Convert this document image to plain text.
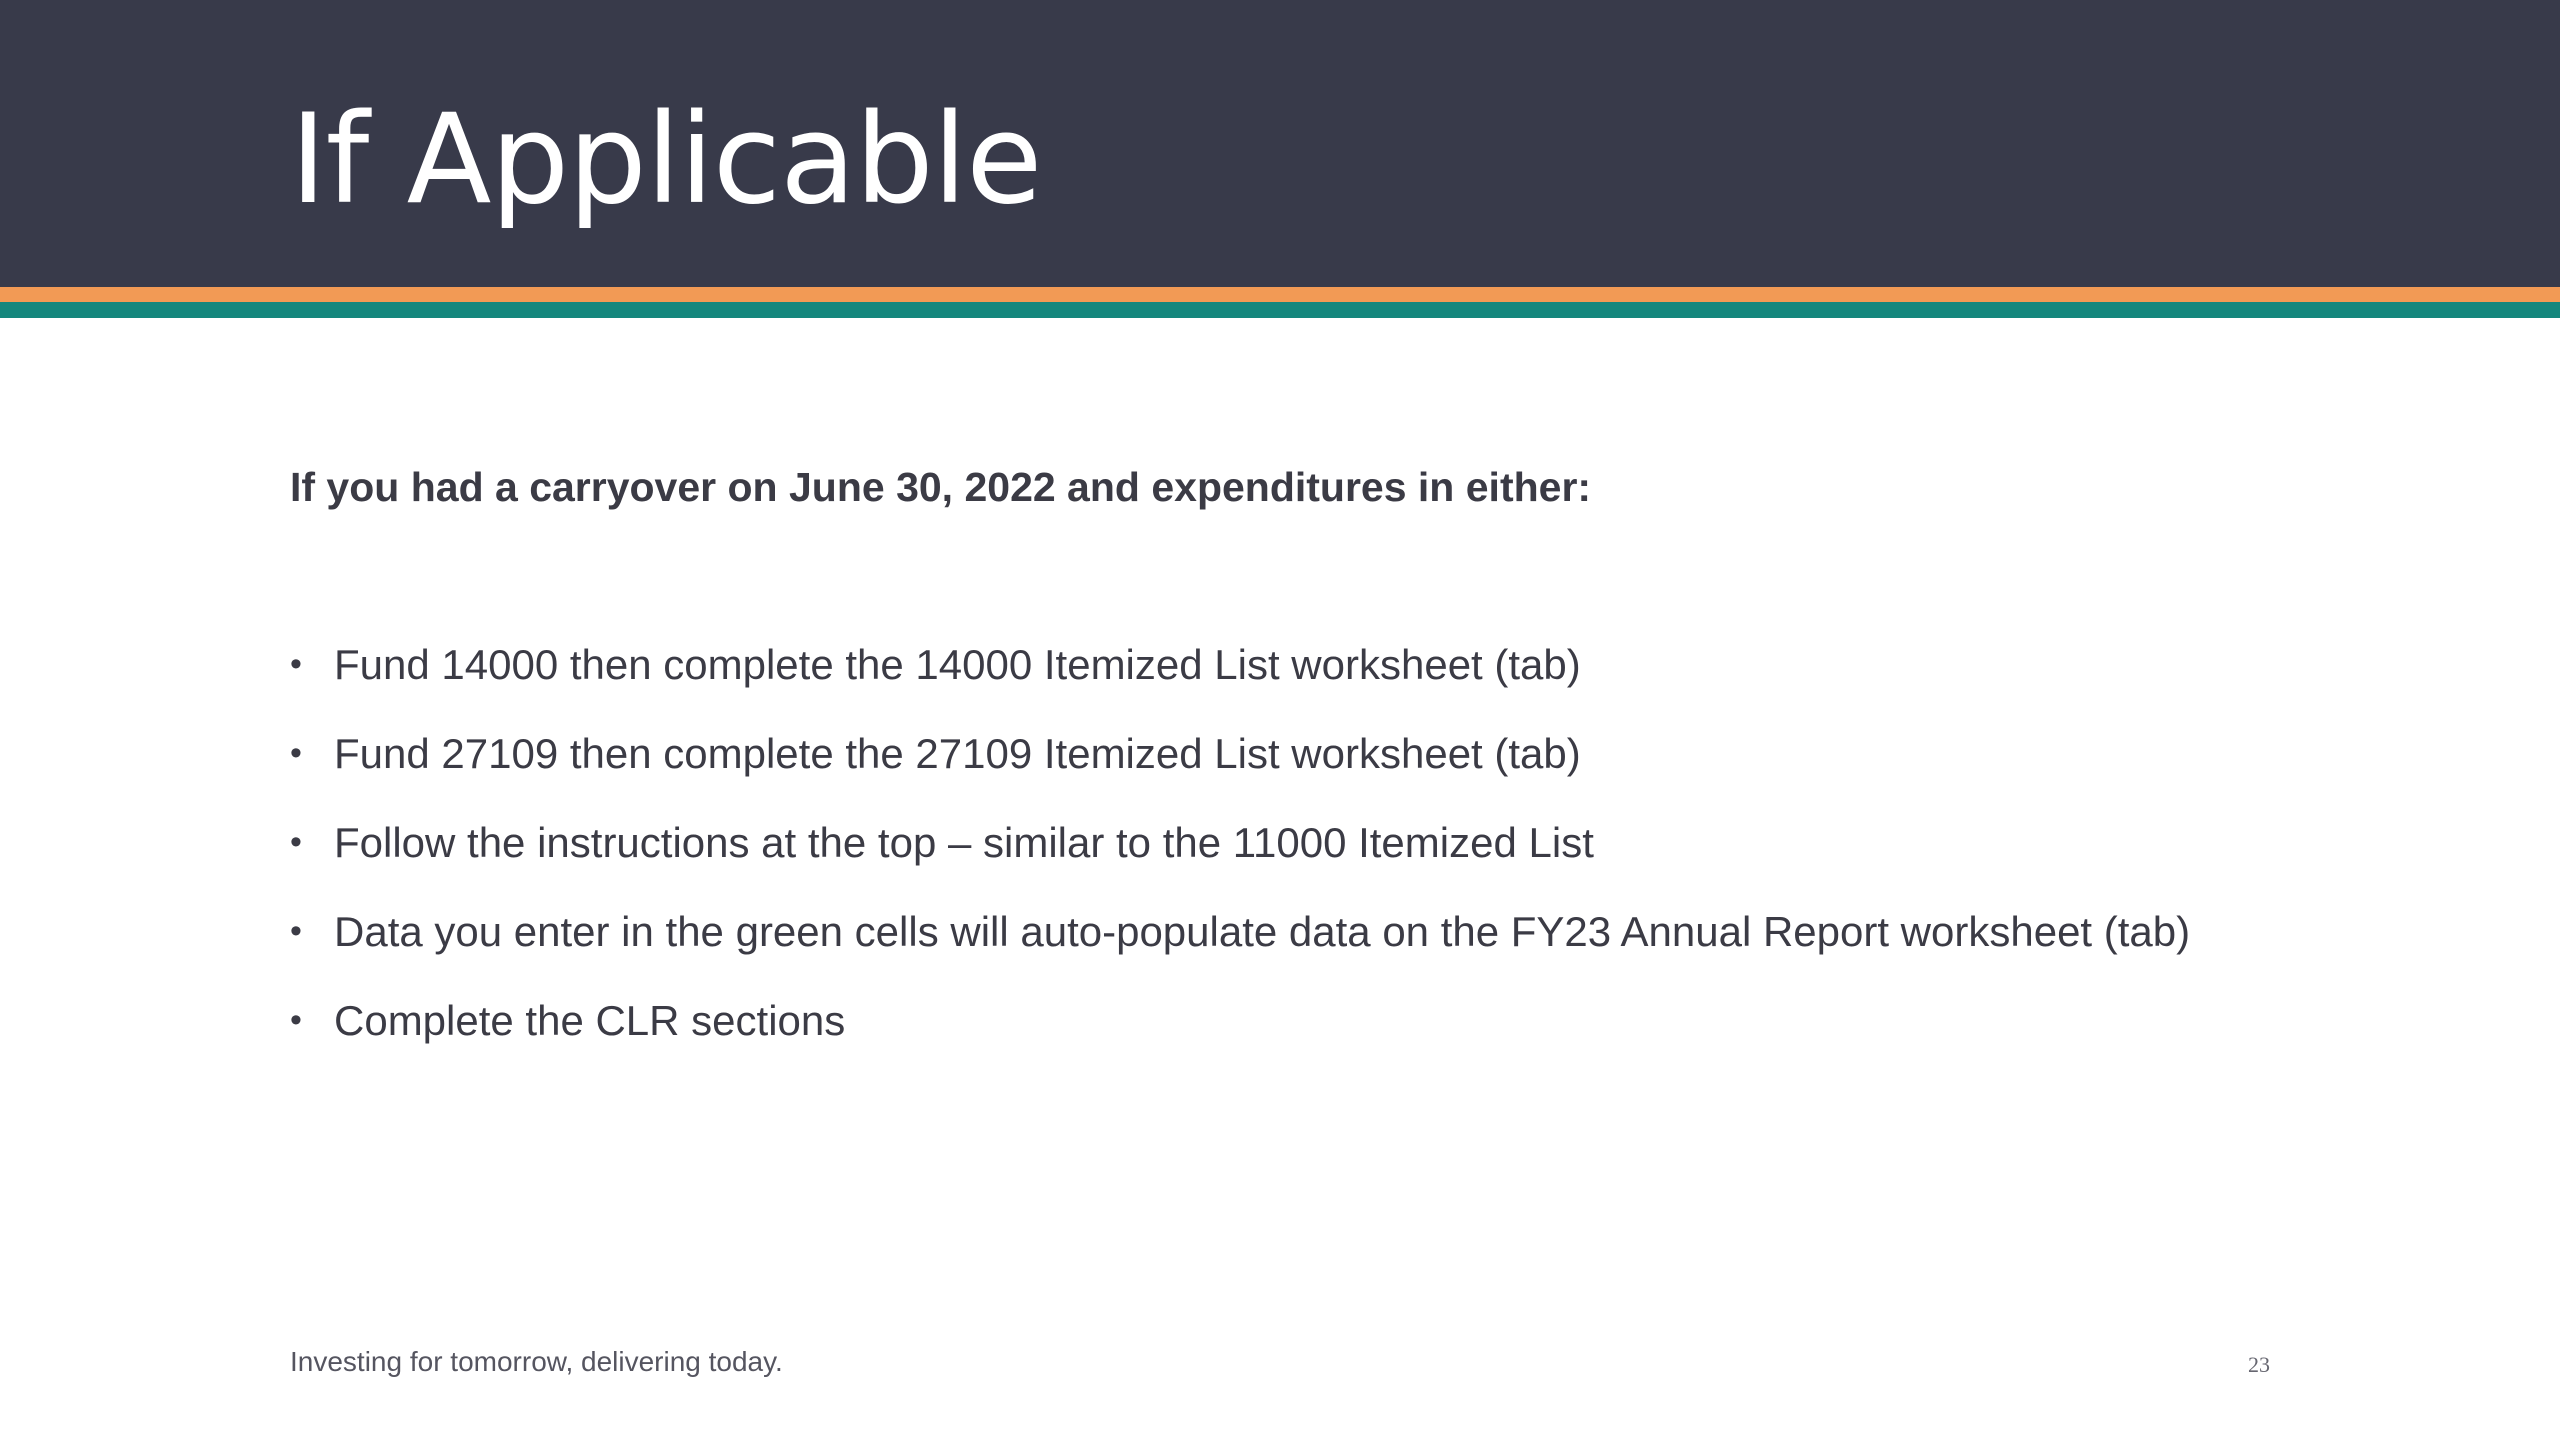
If Applicable

If you had a carryover on June 30, 2022 and expenditures in either:

• Fund 14000 then complete the 14000 Itemized List worksheet (tab)
• Fund 27109 then complete the 27109 Itemized List worksheet (tab)
• Follow the instructions at the top – similar to the 11000 Itemized List
• Data you enter in the green cells will auto-populate data on the FY23 Annual Report worksheet (tab)
• Complete the CLR sections

Investing for tomorrow, delivering today.	23
